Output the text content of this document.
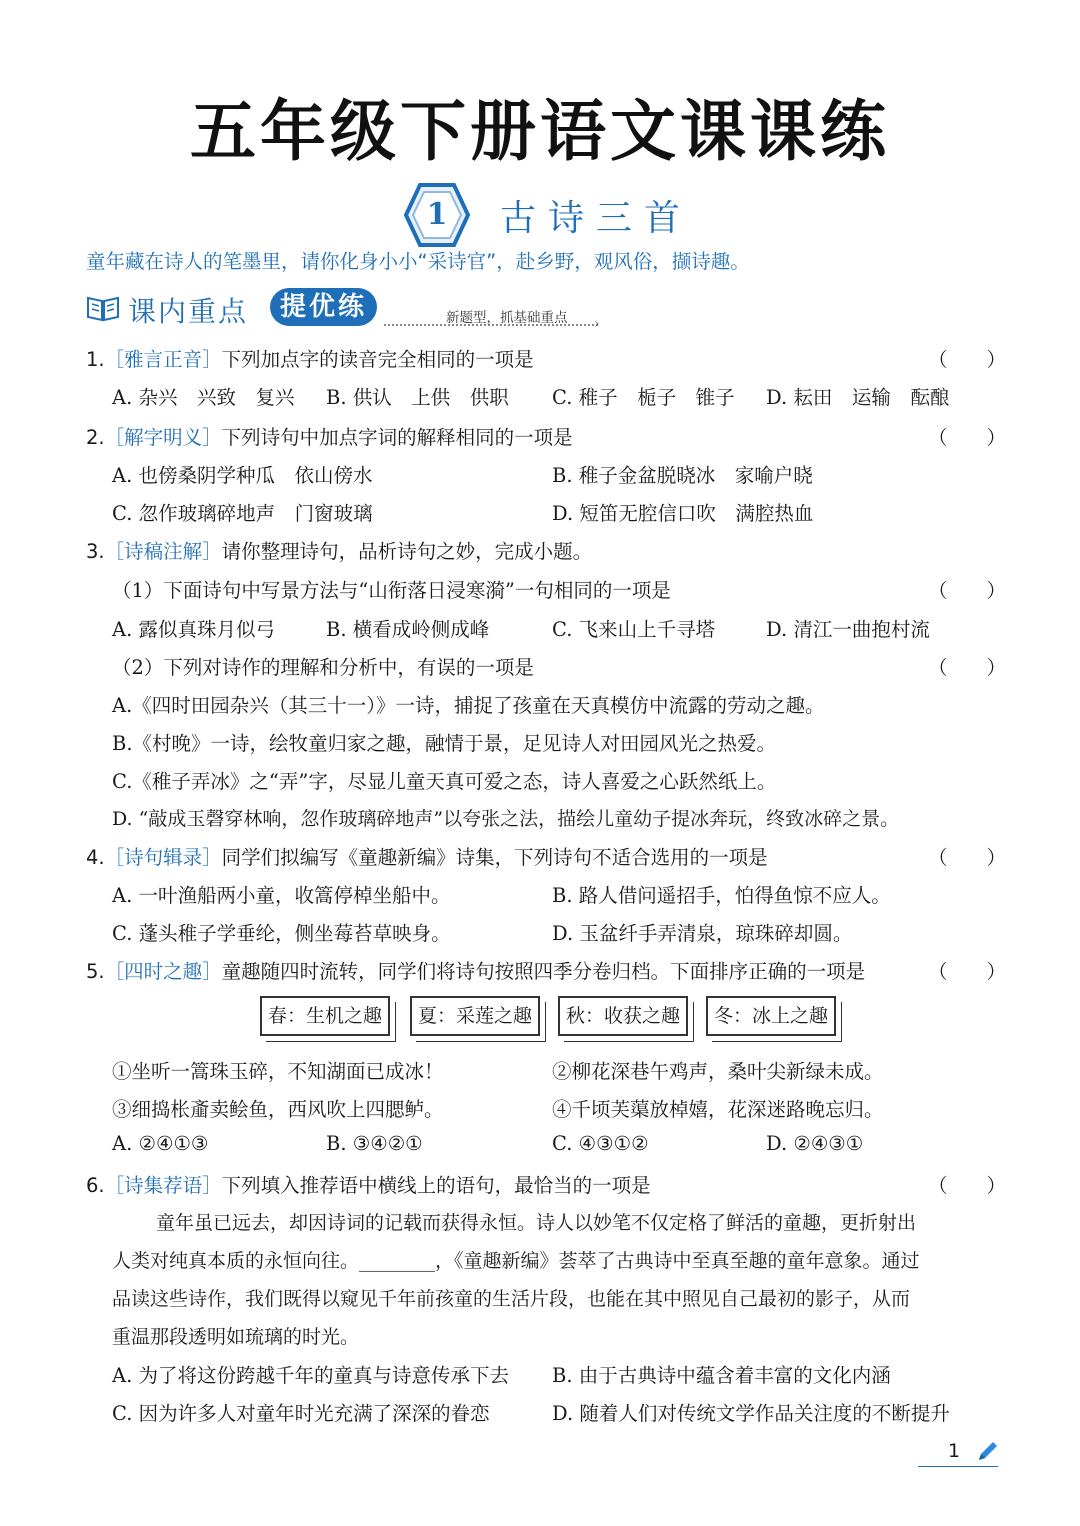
五年级下册语文课课练
1	古诗三首
童年藏在诗人的笔墨里，请你化身小小“采诗官”，赴乡野，观风俗，撷诗趣。
课内重点	提优练	新题型，抓基础重点 ›
1.［雅言正音］下列加点字的读音完全相同的一项是	（　　）
A. 杂兴　兴致　复兴 B. 供认　上供　供职 C. 稚子　栀子　锥子 D. 耘田　运输　酝酿
2.［解字明义］下列诗句中加点字词的解释相同的一项是	（　　）
A. 也傍桑阴学种瓜　依山傍水	B. 稚子金盆脱晓冰　家喻户晓
C. 忽作玻璃碎地声　门窗玻璃	D. 短笛无腔信口吹　满腔热血
3.［诗稿注解］请你整理诗句，品析诗句之妙，完成小题。
（1）下面诗句中写景方法与“山衔落日浸寒漪”一句相同的一项是	（　　）
A. 露似真珠月似弓	B. 横看成岭侧成峰	C. 飞来山上千寻塔	D. 清江一曲抱村流
（2）下列对诗作的理解和分析中，有误的一项是	（　　）
A.《四时田园杂兴（其三十一）》一诗，捕捉了孩童在天真模仿中流露的劳动之趣。
B.《村晚》一诗，绘牧童归家之趣，融情于景，足见诗人对田园风光之热爱。
C.《稚子弄冰》之“弄”字，尽显儿童天真可爱之态，诗人喜爱之心跃然纸上。
D. “敲成玉磬穿林响，忽作玻璃碎地声”以夸张之法，描绘儿童幼子提冰奔玩，终致冰碎之景。
4.［诗句辑录］同学们拟编写《童趣新编》诗集，下列诗句不适合选用的一项是	（　　）
A. 一叶渔船两小童，收篙停棹坐船中。	B. 路人借问遥招手，怕得鱼惊不应人。
C. 蓬头稚子学垂纶，侧坐莓苔草映身。	D. 玉盆纤手弄清泉，琼珠碎却圆。
5.［四时之趣］童趣随四时流转，同学们将诗句按照四季分卷归档。下面排序正确的一项是	（　　）
春：生机之趣	夏：采莲之趣	秋：收获之趣	冬：冰上之趣
①坐听一篙珠玉碎，不知湖面已成冰！	②柳花深巷午鸡声，桑叶尖新绿未成。
③细捣枨齑卖鲙鱼，西风吹上四腮鲈。	④千顷芙蕖放棹嬉，花深迷路晚忘归。
A. ②④①③	B. ③④②①	C. ④③①②	D. ②④③①
6.［诗集荐语］下列填入推荐语中横线上的语句，最恰当的一项是	（　　）
童年虽已远去，却因诗词的记载而获得永恒。诗人以妙笔不仅定格了鲜活的童趣，更折射出
人类对纯真本质的永恒向往。________，《童趣新编》荟萃了古典诗中至真至趣的童年意象。通过
品读这些诗作，我们既得以窥见千年前孩童的生活片段，也能在其中照见自己最初的影子，从而
重温那段透明如琉璃的时光。
A. 为了将这份跨越千年的童真与诗意传承下去 B. 由于古典诗中蕴含着丰富的文化内涵
C. 因为许多人对童年时光充满了深深的眷恋	D. 随着人们对传统文学作品关注度的不断提升
1
